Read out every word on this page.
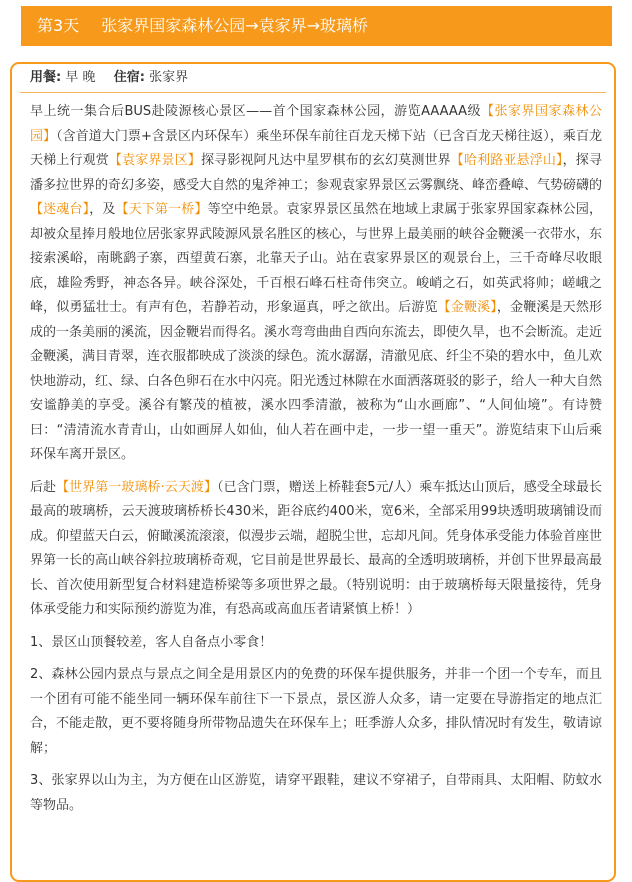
第3天 张家界国家森林公园→袁家界→玻璃桥
用餐: 早 晚 住宿: 张家界

早上统一集合后BUS赴陵源核心景区——首个国家森林公园，游览AAAAA级【张家界国家森林公园】（含首道大门票+含景区内环保车）乘坐环保车前往百龙天梯下站（已含百龙天梯往返），乘百龙天梯上行观赏【袁家界景区】探寻影视阿凡达中星罗棋布的玄幻莫测世界【哈利路亚悬浮山】，探寻潘多拉世界的奇幻多姿，感受大自然的鬼斧神工；参观袁家界景区云雾飘绕、峰峦叠嶂、气势磅礴的【迷魂台】，及【天下第一桥】等空中绝景。袁家界景区虽然在地域上隶属于张家界国家森林公园，却被众星捧月般地位居张家界武陵源风景名胜区的核心，与世界上最美丽的峡谷金鞭溪一衣带水，东接索溪峪，南眺鹞子寨，西望黄石寨，北靠天子山。站在袁家界景区的观景台上，三千奇峰尽收眼底，雄险秀野，神态各异。峡谷深处，千百根石峰石柱奇伟突立。峻峭之石，如英武将帅；嵯峨之峰，似勇猛壮士。有声有色，若静若动，形象逼真，呼之欲出。后游览【金鞭溪】，金鞭溪是天然形成的一条美丽的溪流，因金鞭岩而得名。溪水弯弯曲曲自西向东流去，即使久旱，也不会断流。走近金鞭溪，满目青翠，连衣服都映成了淡淡的绿色。流水潺潺，清澈见底、纤尘不染的碧水中，鱼儿欢快地游动，红、绿、白各色卵石在水中闪亮。阳光透过林隙在水面洒落斑驳的影子，给人一种大自然安谧静美的享受。溪谷有繁茂的植被，溪水四季清澈，被称为“山水画廊”、“人间仙境”。有诗赞曰：“清清流水青青山，山如画屏人如仙，仙人若在画中走，一步一望一重天”。游览结束下山后乘环保车离开景区。

后赴【世界第一玻璃桥·云天渡】（已含门票，赠送上桥鞋套5元/人）乘车抵达山顶后，感受全球最长最高的玻璃桥，云天渡玻璃桥桥长430米，距谷底约400米，宽6米，全部采用99块透明玻璃铺设而成。仰望蓝天白云，俯瞰溪流滚滚，似漫步云端，超脱尘世，忘却凡间。凭身体承受能力体验首座世界第一长的高山峡谷斜拉玻璃桥奇观，它目前是世界最长、最高的全透明玻璃桥，并创下世界最高最长、首次使用新型复合材料建造桥梁等多项世界之最。（特别说明：由于玻璃桥每天限量接待，凭身体承受能力和实际预约游览为准，有恐高或高血压者请紧慎上桥！）

1、景区山顶餐较差，客人自备点小零食！

2、森林公园内景点与景点之间全是用景区内的免费的环保车提供服务，并非一个团一个专车，而且一个团有可能不能坐同一辆环保车前往下一下景点，景区游人众多，请一定要在导游指定的地点汇合，不能走散，更不要将随身所带物品遗失在环保车上；旺季游人众多，排队情况时有发生，敬请谅解；

3、张家界以山为主，为方便在山区游览，请穿平跟鞋，建议不穿裙子，自带雨具、太阳帽、防蚊水等物品。
